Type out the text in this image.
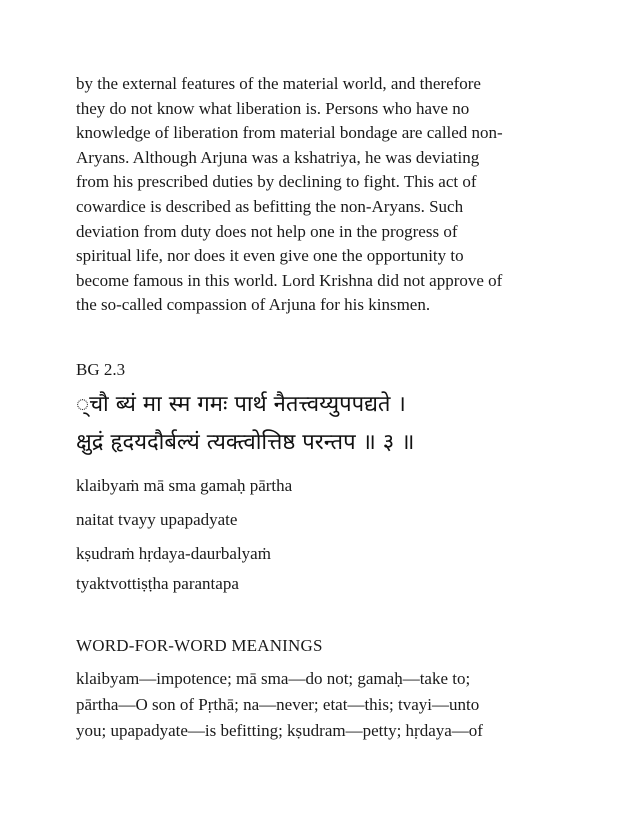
by the external features of the material world, and therefore
they do not know what liberation is. Persons who have no
knowledge of liberation from material bondage are called non-
Aryans. Although Arjuna was a kshatriya, he was deviating
from his prescribed duties by declining to fight. This act of
cowardice is described as befitting the non-Aryans. Such
deviation from duty does not help one in the progress of
spiritual life, nor does it even give one the opportunity to
become famous in this world. Lord Krishna did not approve of
the so-called compassion of Arjuna for his kinsmen.

BG 2.3

्चौ ब्यं मा स्म गमः पार्थ नैतत्त्वय्युपपद्यते ।
क्षुद्रं हृदयदौर्बल्यं त्यक्त्वोत्तिष्ठ परन्तप ॥ ३ ॥
klaibyaṁ mā sma gamaḥ pārtha
naitat tvayy upapadyate
kṣudraṁ hṛdaya-daurbalyaṁ
tyaktvottiṣṭha parantapa
WORD-FOR-WORD MEANINGS
klaibyam—impotence; mā sma—do not; gamaḥ—take to;
pārtha—O son of Pṛthā; na—never; etat—this; tvayi—unto
you; upapadyate—is befitting; kṣudram—petty; hṛdaya—of
